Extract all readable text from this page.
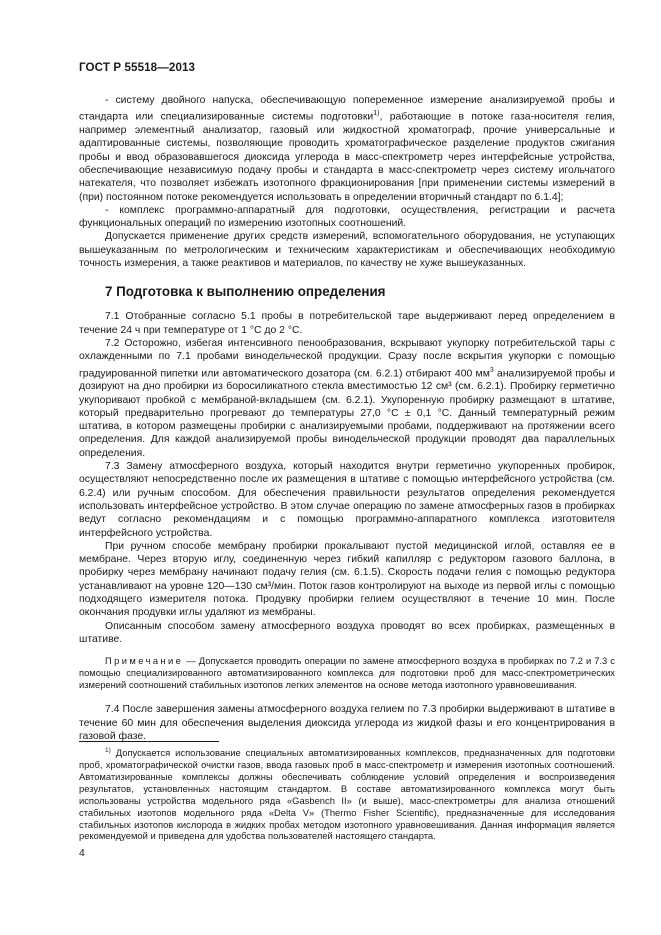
ГОСТ Р 55518—2013

- систему двойного напуска, обеспечивающую попеременное измерение анализируемой пробы и стандарта или специализированные системы подготовки$^{1)}$, работающие в потоке газа-носителя гелия, например элементный анализатор, газовый или жидкостной хроматограф, прочие универсальные и адаптированные системы, позволяющие проводить хроматографическое разделение продуктов сжигания пробы и ввод образовавшегося диоксида углерода в масс-спектрометр через интерфейсные устройства, обеспечивающие независимую подачу пробы и стандарта в масс-спектрометр через систему игольчатого натекателя, что позволяет избежать изотопного фракционирования [при применении системы измерений в (при) постоянном потоке рекомендуется использовать в определении вторичный стандарт по 6.1.4];

- комплекс программно-аппаратный для подготовки, осуществления, регистрации и расчета функциональных операций по измерению изотопных соотношений.

Допускается применение других средств измерений, вспомогательного оборудования, не уступающих вышеуказанным по метрологическим и техническим характеристикам и обеспечивающих необходимую точность измерения, а также реактивов и материалов, по качеству не хуже вышеуказанных.

7 Подготовка к выполнению определения

7.1 Отобранные согласно 5.1 пробы в потребительской таре выдерживают перед определением в течение 24 ч при температуре от 1 °С до 2 °С.

7.2 Осторожно, избегая интенсивного пенообразования, вскрывают укупорку потребительской тары с охлажденными по 7.1 пробами винодельческой продукции. Сразу после вскрытия укупорки с помощью градуированной пипетки или автоматического дозатора (см. 6.2.1) отбирают 400 $мм^3$ анализируемой пробы и дозируют на дно пробирки из боросиликатного стекла вместимостью 12 см³ (см. 6.2.1). Пробирку герметично укупоривают пробкой с мембраной-вкладышем (см. 6.2.1). Укупоренную пробирку размещают в штативе, который предварительно прогревают до температуры 27,0 °С ± 0,1 °С. Данный температурный режим штатива, в котором размещены пробирки с анализируемыми пробами, поддерживают на протяжении всего определения. Для каждой анализируемой пробы винодельческой продукции проводят два параллельных определения.

7.3 Замену атмосферного воздуха, который находится внутри герметично укупоренных пробирок, осуществляют непосредственно после их размещения в штативе с помощью интерфейсного устройства (см. 6.2.4) или ручным способом. Для обеспечения правильности результатов определения рекомендуется использовать интерфейсное устройство. В этом случае операцию по замене атмосферных газов в пробирках ведут согласно рекомендациям и с помощью программно-аппаратного комплекса изготовителя интерфейсного устройства.

При ручном способе мембрану пробирки прокалывают пустой медицинской иглой, оставляя ее в мембране. Через вторую иглу, соединенную через гибкий капилляр с редуктором газового баллона, в пробирку через мембрану начинают подачу гелия (см. 6.1.5). Скорость подачи гелия с помощью редуктора устанавливают на уровне 120—130 см³/мин. Поток газов контролируют на выходе из первой иглы с помощью подходящего измерителя потока. Продувку пробирки гелием осуществляют в течение 10 мин. После окончания продувки иглы удаляют из мембраны.

Описанным способом замену атмосферного воздуха проводят во всех пробирках, размещенных в штативе.

Примечание — Допускается проводить операции по замене атмосферного воздуха в пробирках по 7.2 и 7.3 с помощью специализированного автоматизированного комплекса для подготовки проб для масс-спектрометрических измерений соотношений стабильных изотопов легких элементов на основе метода изотопного уравновешивания.

7.4 После завершения замены атмосферного воздуха гелием по 7.3 пробирки выдерживают в штативе в течение 60 мин для обеспечения выделения диоксида углерода из жидкой фазы и его концентрирования в газовой фазе.

$^{1)}$ Допускается использование специальных автоматизированных комплексов, предназначенных для подготовки проб, хроматографической очистки газов, ввода газовых проб в масс-спектрометр и измерения изотопных соотношений. Автоматизированные комплексы должны обеспечивать соблюдение условий определения и воспроизведения результатов, установленных настоящим стандартом. В составе автоматизированного комплекса могут быть использованы устройства модельного ряда «Gasbench II» (и выше), масс-спектрометры для анализа отношений стабильных изотопов модельного ряда «Delta V» (Thermo Fisher Scientific), предназначенные для исследования стабильных изотопов кислорода в жидких пробах методом изотопного уравновешивания. Данная информация является рекомендуемой и приведена для удобства пользователей настоящего стандарта.

4
